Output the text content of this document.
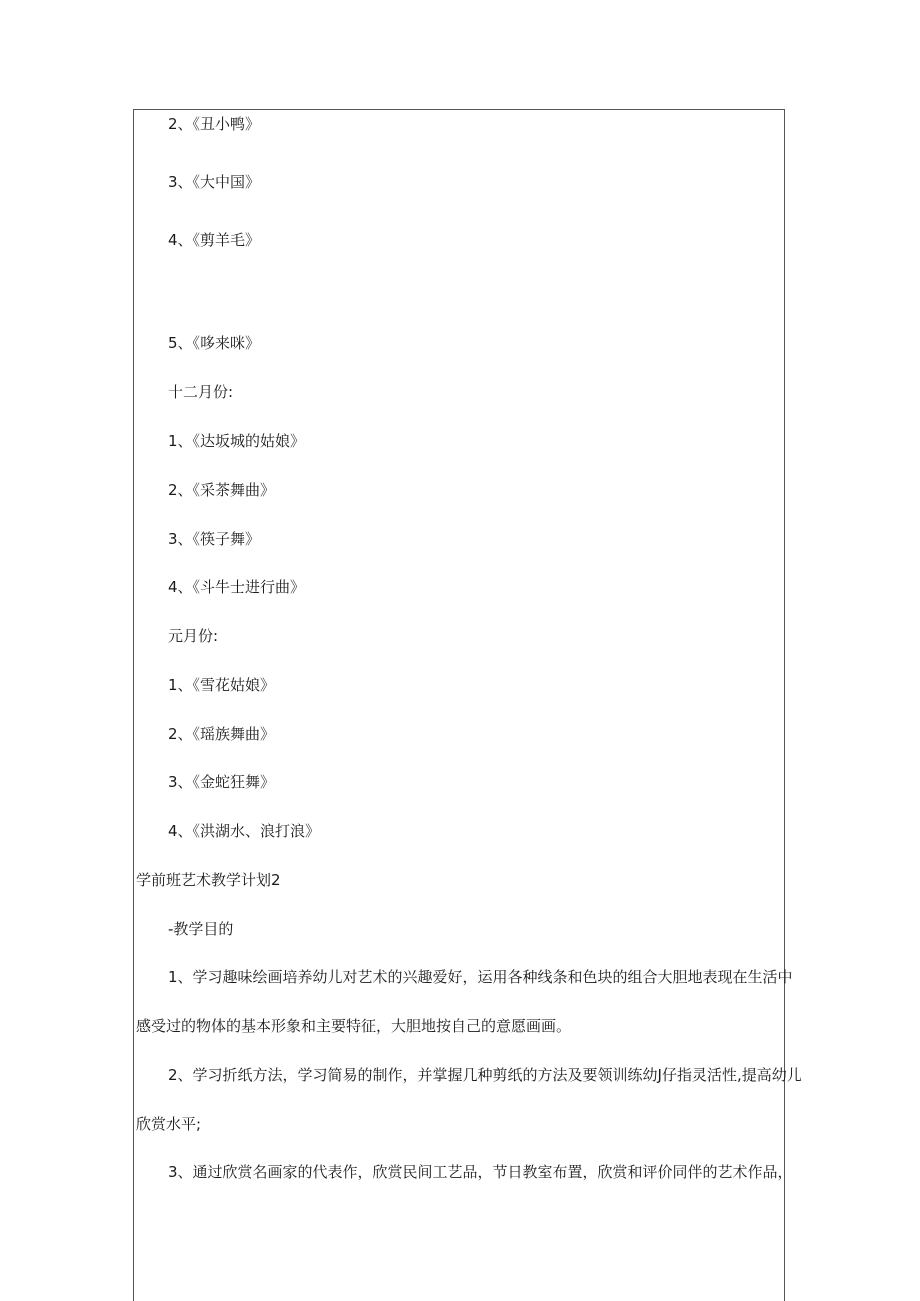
2、《丑小鸭》

3、《大中国》

4、《剪羊毛》

5、《哆来咪》

十二月份:

1、《达坂城的姑娘》

2、《采茶舞曲》

3、《筷子舞》

4、《斗牛士进行曲》

元月份:

1、《雪花姑娘》

2、《瑶族舞曲》

3、《金蛇狂舞》

4、《洪湖水、浪打浪》

学前班艺术教学计划2

-教学目的

1、学习趣味绘画培养幼儿对艺术的兴趣爱好，运用各种线条和色块的组合大胆地表现在生活中

感受过的物体的基本形象和主要特征，大胆地按自己的意愿画画。

2、学习折纸方法，学习简易的制作，并掌握几种剪纸的方法及要领训练幼J仔指灵活性,提高幼儿

欣赏水平;

3、通过欣赏名画家的代表作，欣赏民间工艺品，节日教室布置，欣赏和评价同伴的艺术作品，
